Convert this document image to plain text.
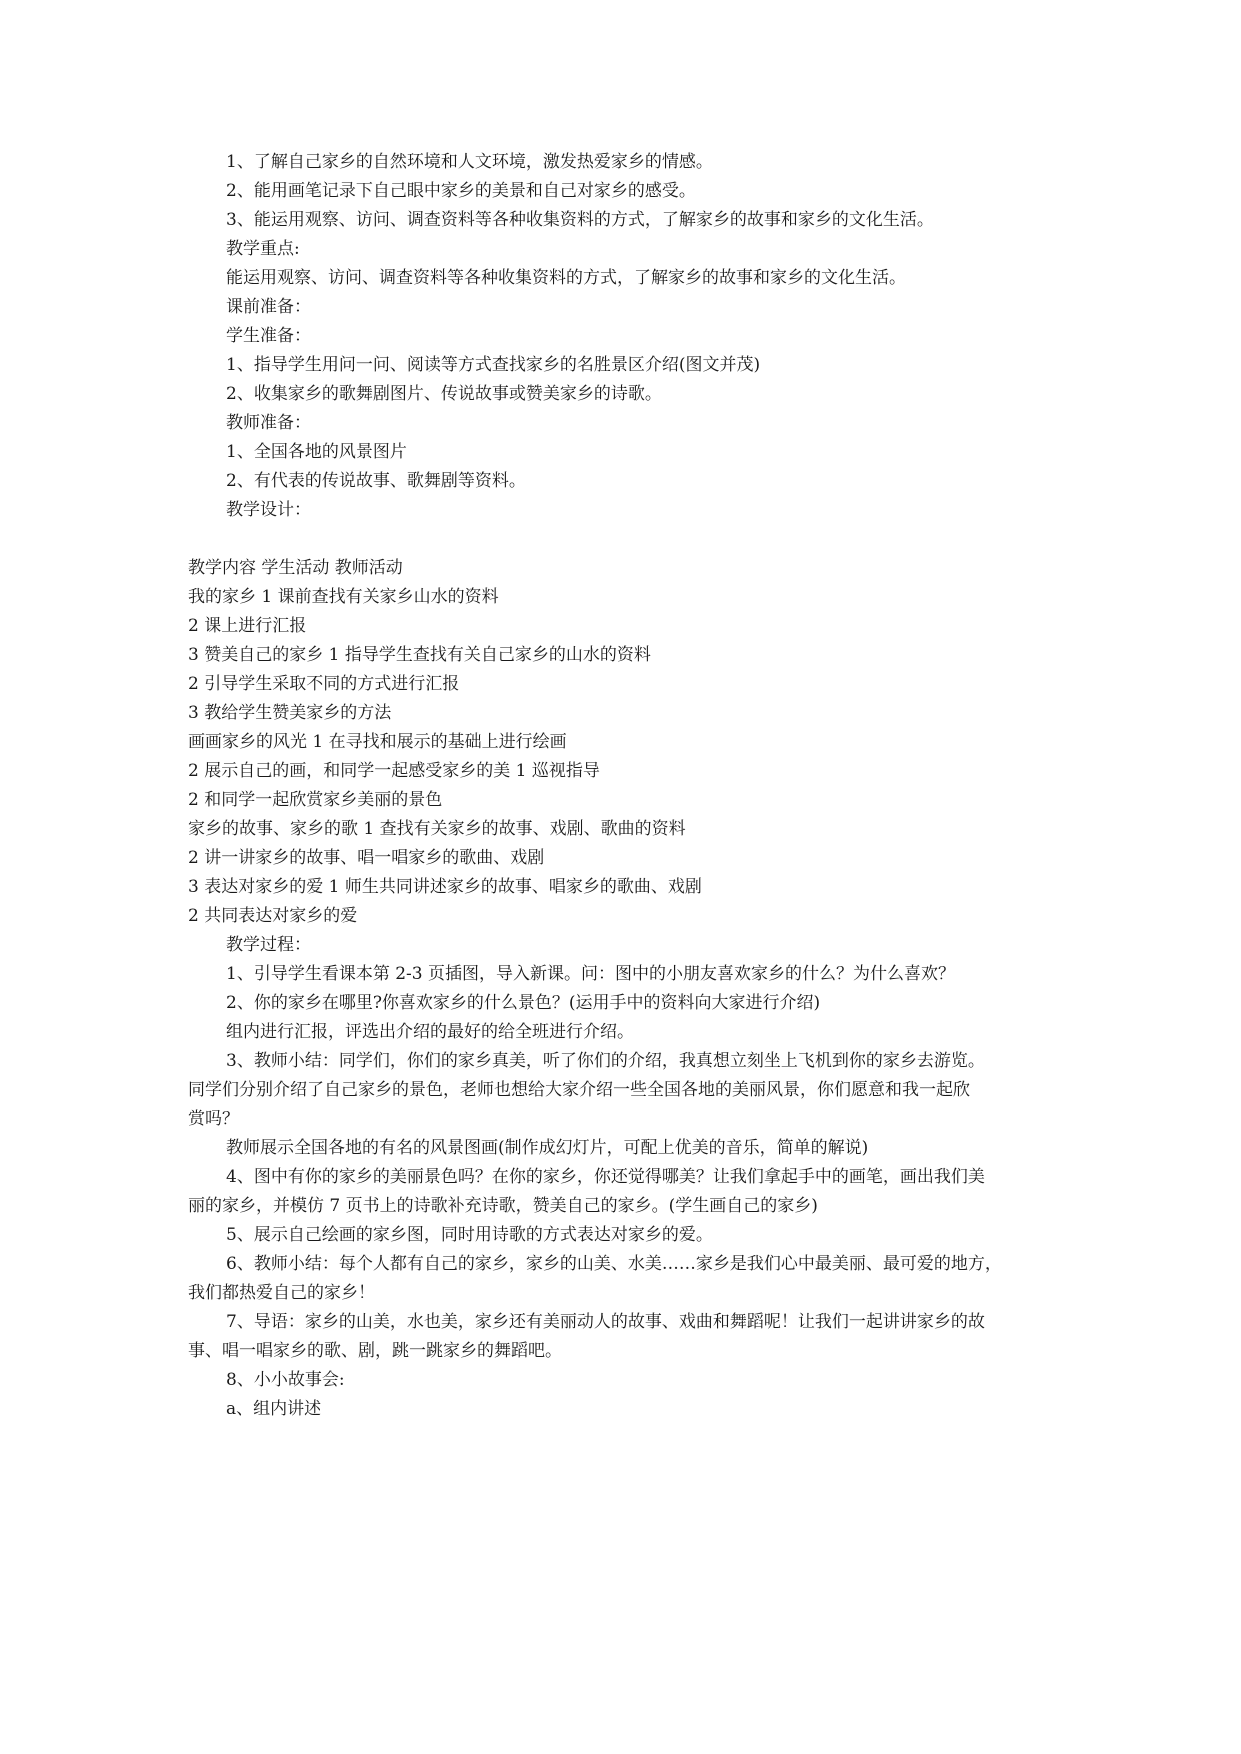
1、了解自己家乡的自然环境和人文环境，激发热爱家乡的情感。
2、能用画笔记录下自己眼中家乡的美景和自己对家乡的感受。
3、能运用观察、访问、调查资料等各种收集资料的方式，了解家乡的故事和家乡的文化生活。
教学重点:
能运用观察、访问、调查资料等各种收集资料的方式，了解家乡的故事和家乡的文化生活。
课前准备：
学生准备：
1、指导学生用问一问、阅读等方式查找家乡的名胜景区介绍(图文并茂)
2、收集家乡的歌舞剧图片、传说故事或赞美家乡的诗歌。
教师准备：
1、全国各地的风景图片
2、有代表的传说故事、歌舞剧等资料。
教学设计：
教学内容 学生活动 教师活动
我的家乡 1 课前查找有关家乡山水的资料
2 课上进行汇报
3 赞美自己的家乡 1 指导学生查找有关自己家乡的山水的资料
2 引导学生采取不同的方式进行汇报
3 教给学生赞美家乡的方法
画画家乡的风光 1 在寻找和展示的基础上进行绘画
2 展示自己的画，和同学一起感受家乡的美 1 巡视指导
2 和同学一起欣赏家乡美丽的景色
家乡的故事、家乡的歌 1 查找有关家乡的故事、戏剧、歌曲的资料
2 讲一讲家乡的故事、唱一唱家乡的歌曲、戏剧
3 表达对家乡的爱 1 师生共同讲述家乡的故事、唱家乡的歌曲、戏剧
2 共同表达对家乡的爱
教学过程：
1、引导学生看课本第 2-3 页插图，导入新课。问：图中的小朋友喜欢家乡的什么？为什么喜欢？
2、你的家乡在哪里?你喜欢家乡的什么景色？(运用手中的资料向大家进行介绍)
组内进行汇报，评选出介绍的最好的给全班进行介绍。
3、教师小结：同学们，你们的家乡真美，听了你们的介绍，我真想立刻坐上飞机到你的家乡去游览。
同学们分别介绍了自己家乡的景色，老师也想给大家介绍一些全国各地的美丽风景，你们愿意和我一起欣
赏吗？
教师展示全国各地的有名的风景图画(制作成幻灯片，可配上优美的音乐，简单的解说)
4、图中有你的家乡的美丽景色吗？在你的家乡，你还觉得哪美？让我们拿起手中的画笔，画出我们美
丽的家乡，并模仿 7 页书上的诗歌补充诗歌，赞美自己的家乡。(学生画自己的家乡)
5、展示自己绘画的家乡图，同时用诗歌的方式表达对家乡的爱。
6、教师小结：每个人都有自己的家乡，家乡的山美、水美……家乡是我们心中最美丽、最可爱的地方，
我们都热爱自己的家乡！
7、导语：家乡的山美，水也美，家乡还有美丽动人的故事、戏曲和舞蹈呢！让我们一起讲讲家乡的故
事、唱一唱家乡的歌、剧，跳一跳家乡的舞蹈吧。
8、小小故事会:
a、组内讲述
